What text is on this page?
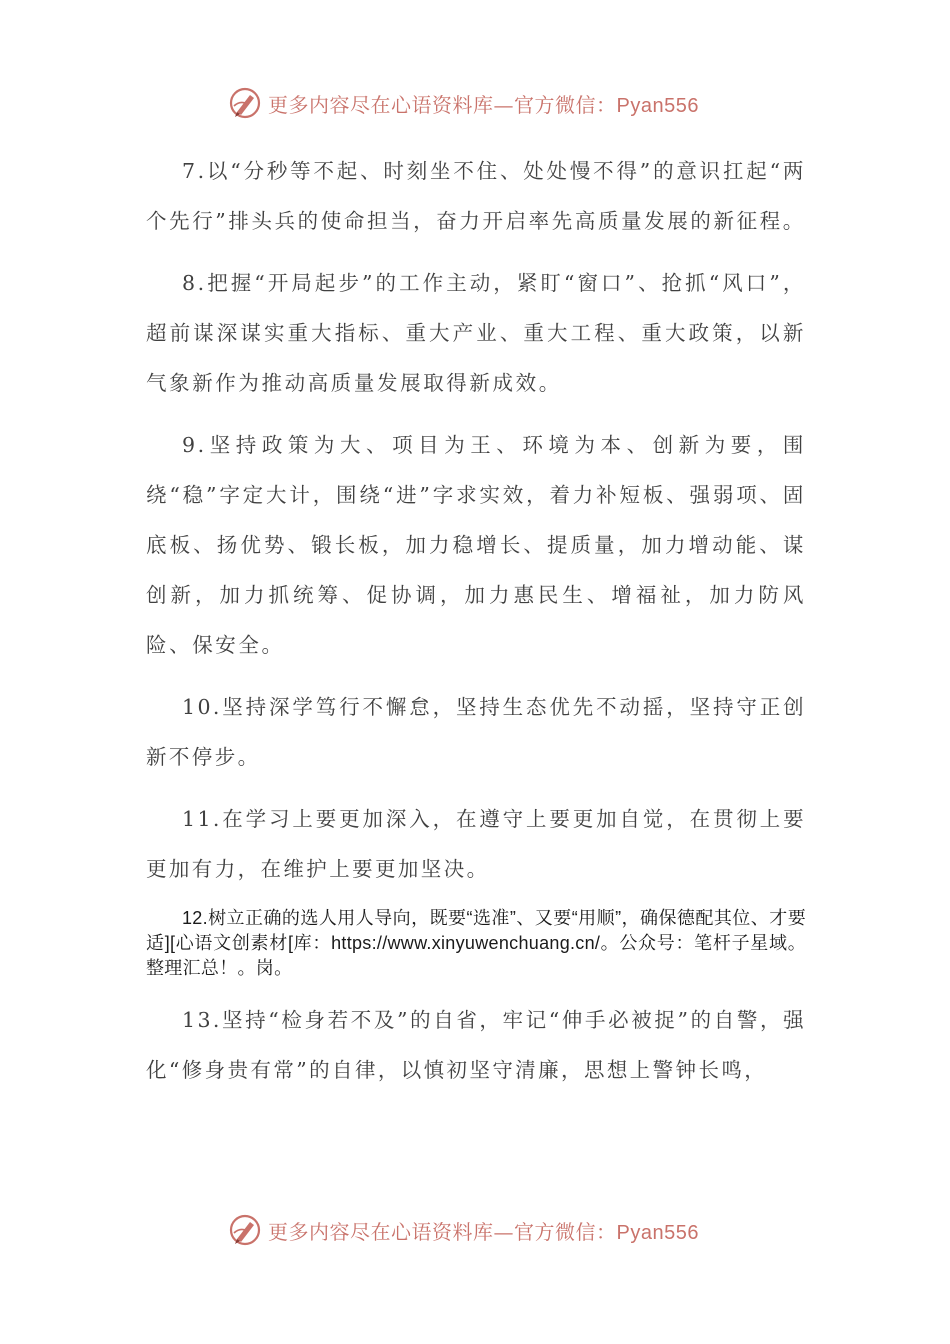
更多内容尽在心语资料库—官方微信：Pyan556

7.以“分秒等不起、时刻坐不住、处处慢不得”的意识扛起“两个先行”排头兵的使命担当，奋力开启率先高质量发展的新征程。

8.把握“开局起步”的工作主动，紧盯“窗口”、抢抓“风口”，超前谋深谋实重大指标、重大产业、重大工程、重大政策，以新气象新作为推动高质量发展取得新成效。

9.坚持政策为大、项目为王、环境为本、创新为要，围绕“稳”字定大计，围绕“进”字求实效，着力补短板、强弱项、固底板、扬优势、锻长板，加力稳增长、提质量，加力增动能、谋创新，加力抓统筹、促协调，加力惠民生、增福祉，加力防风险、保安全。

10.坚持深学笃行不懈怠，坚持生态优先不动摇，坚持守正创新不停步。

11.在学习上要更加深入，在遵守上要更加自觉，在贯彻上要更加有力，在维护上要更加坚决。

12.树立正确的选人用人导向，既要“选准”、又要“用顺”，确保德配其位、才要适][心语文创素材[库：https://www.xinyuwenchuang.cn/。公众号：笔杆子星域。整理汇总！。岗。

13.坚持“检身若不及”的自省，牢记“伸手必被捉”的自警，强化“修身贵有常”的自律，以慎初坚守清廉，思想上警钟长鸣，

更多内容尽在心语资料库—官方微信：Pyan556
